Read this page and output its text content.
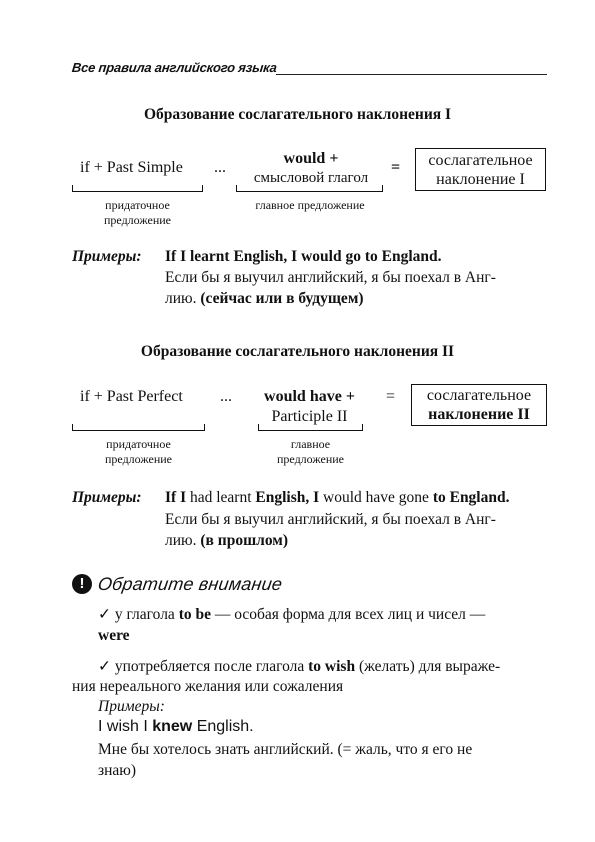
Все правила английского языка
Образование сослагательного наклонения I
if + Past Simple ...
would +
смысловой глагол
=	сослагательное
наклонение I
придаточное
предложение
главное предложение
Примеры: If I learnt English, I would go to England.
Если бы я выучил английский, я бы поехал в Анг-
лию. (сейчас или в будущем)
Образование сослагательного наклонения II
if + Past Perfect ...	would have +
Participle II
=	сослагательное
наклонение II
придаточное
предложение
главное
предложение
Примеры: If I had learnt English, I would have gone to England.
Если бы я выучил английский, я бы поехал в Анг-
лию. (в прошлом)
! Обратите внимание
✓ у глагола to be — особая форма для всех лиц и чисел —
were
✓ употребляется после глагола to wish (желать) для выраже-
ния нереального желания или сожаления
Примеры:
I wish I knew English.
Мне бы хотелось знать английский. (= жаль, что я его не
знаю)
